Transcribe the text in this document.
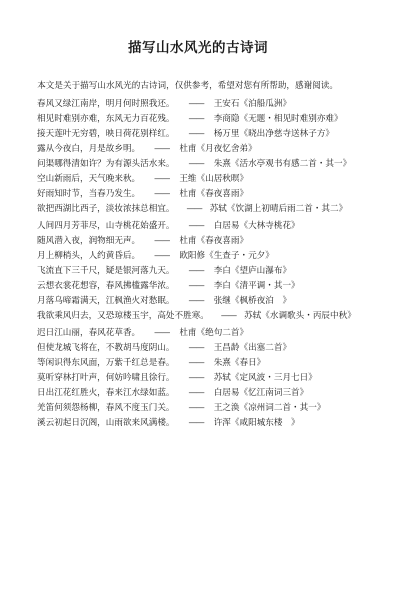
描写山水风光的古诗词

本文是关于描写山水风光的古诗词，仅供参考，希望对您有所帮助，感谢阅读。

春风又绿江南岸，明月何时照我还。 —— 王安石《泊船瓜洲》
相见时难别亦难，东风无力百花残。 —— 李商隐《无题・相见时难别亦难》
接天莲叶无穷碧，映日荷花别样红。 —— 杨万里《晓出净慈寺送林子方》
露从今夜白，月是故乡明。 —— 杜甫《月夜忆舍弟》
问渠哪得清如许？为有源头活水来。 —— 朱熹《活水亭观书有感二首・其一》
空山新雨后，天气晚来秋。 —— 王维《山居秋暝》
好雨知时节，当春乃发生。 —— 杜甫《春夜喜雨》
欲把西湖比西子，淡妆浓抹总相宜。 —— 苏轼《饮湖上初晴后雨二首・其二》
人间四月芳菲尽，山寺桃花始盛开。 —— 白居易《大林寺桃花》
随风潜入夜，润物细无声。 —— 杜甫《春夜喜雨》
月上柳梢头，人约黄昏后。 —— 欧阳修《生查子・元夕》
飞流直下三千尺，疑是银河落九天。 —— 李白《望庐山瀑布》
云想衣裳花想容，春风拂槛露华浓。 —— 李白《清平调・其一》
月落乌啼霜满天，江枫渔火对愁眠。 —— 张继《枫桥夜泊　》
我欲乘风归去，又恐琼楼玉宇，高处不胜寒。 —— 苏轼《水调歌头・丙辰中秋》
迟日江山丽，春风花草香。 —— 杜甫《绝句二首》
但使龙城飞将在，不教胡马度阴山。 —— 王昌龄《出塞二首》
等闲识得东风面，万紫千红总是春。 —— 朱熹《春日》
莫听穿林打叶声，何妨吟啸且徐行。 —— 苏轼《定风波・三月七日》
日出江花红胜火，春来江水绿如蓝。 —— 白居易《忆江南词三首》
羌笛何须怨杨柳，春风不度玉门关。 —— 王之涣《凉州词二首・其一》
溪云初起日沉阁，山雨欲来风满楼。 —— 许浑《咸阳城东楼　》
